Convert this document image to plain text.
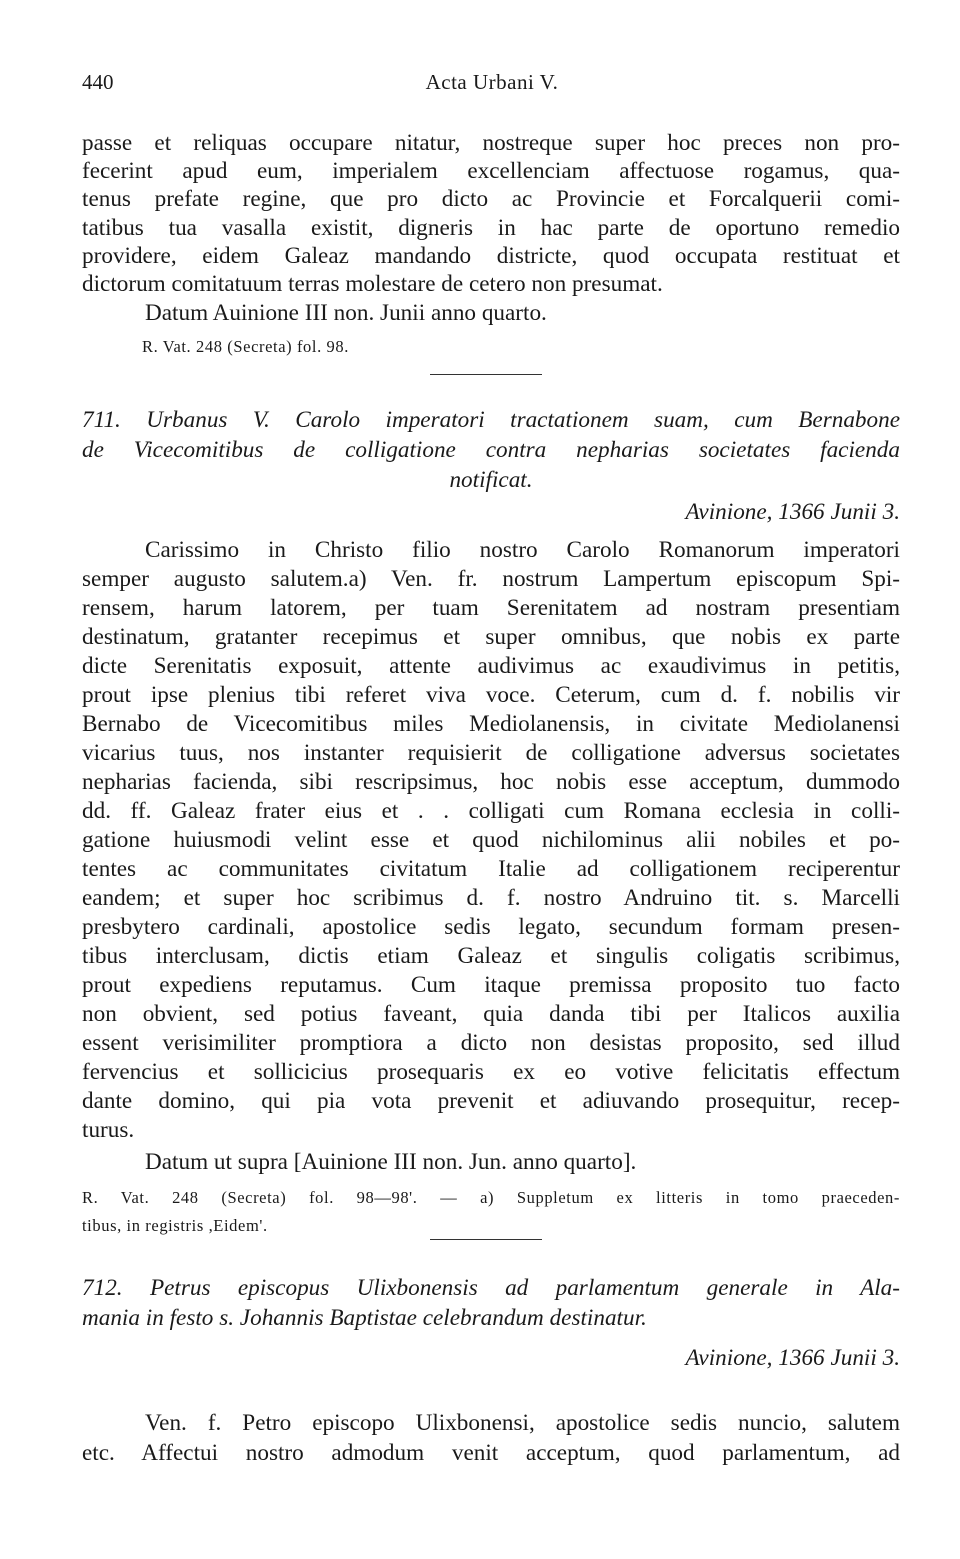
440	Acta Urbani V.
passe et reliquas occupare nitatur, nostreque super hoc preces non pro-
fecerint apud eum, imperialem excellenciam affectuose rogamus, qua-
tenus prefate regine, que pro dicto ac Provincie et Forcalquerii comi-
tatibus tua vasalla existit, digneris in hac parte de oportuno remedio
providere, eidem Galeaz mandando districte, quod occupata restituat et
dictorum comitatuum terras molestare de cetero non presumat.
Datum Auinione III non. Junii anno quarto.
R. Vat. 248 (Secreta) fol. 98.
711. Urbanus V. Carolo imperatori tractationem suam, cum Bernabone
de Vicecomitibus de colligatione contra nepharias societates facienda
notificat.
Avinione, 1366 Junii 3.
Carissimo in Christo filio nostro Carolo Romanorum imperatori
semper augusto salutem.a) Ven. fr. nostrum Lampertum episcopum Spi-
rensem, harum latorem, per tuam Serenitatem ad nostram presentiam
destinatum, gratanter recepimus et super omnibus, que nobis ex parte
dicte Serenitatis exposuit, attente audivimus ac exaudivimus in petitis,
prout ipse plenius tibi referet viva voce. Ceterum, cum d. f. nobilis vir
Bernabo de Vicecomitibus miles Mediolanensis, in civitate Mediolanensi
vicarius tuus, nos instanter requisierit de colligatione adversus societates
nepharias facienda, sibi rescripsimus, hoc nobis esse acceptum, dummodo
dd. ff. Galeaz frater eius et . . colligati cum Romana ecclesia in colli-
gatione huiusmodi velint esse et quod nichilominus alii nobiles et po-
tentes ac communitates civitatum Italie ad colligationem reciperentur
eandem; et super hoc scribimus d. f. nostro Andruino tit. s. Marcelli
presbytero cardinali, apostolice sedis legato, secundum formam presen-
tibus interclusam, dictis etiam Galeaz et singulis coligatis scribimus,
prout expediens reputamus. Cum itaque premissa proposito tuo facto
non obvient, sed potius faveant, quia danda tibi per Italicos auxilia
essent verisimiliter promptiora a dicto non desistas proposito, sed illud
fervencius et sollicicius prosequaris ex eo votive felicitatis effectum
dante domino, qui pia vota prevenit et adiuvando prosequitur, recep-
turus.
Datum ut supra [Auinione III non. Jun. anno quarto].
R. Vat. 248 (Secreta) fol. 98—98'. — a) Suppletum ex litteris in tomo praeceden-
tibus, in registris ,Eidem'.
712. Petrus episcopus Ulixbonensis ad parlamentum generale in Ala-
mania in festo s. Johannis Baptistae celebrandum destinatur.
Avinione, 1366 Junii 3.
Ven. f. Petro episcopo Ulixbonensi, apostolice sedis nuncio, salutem
etc. Affectui nostro admodum venit acceptum, quod parlamentum, ad
